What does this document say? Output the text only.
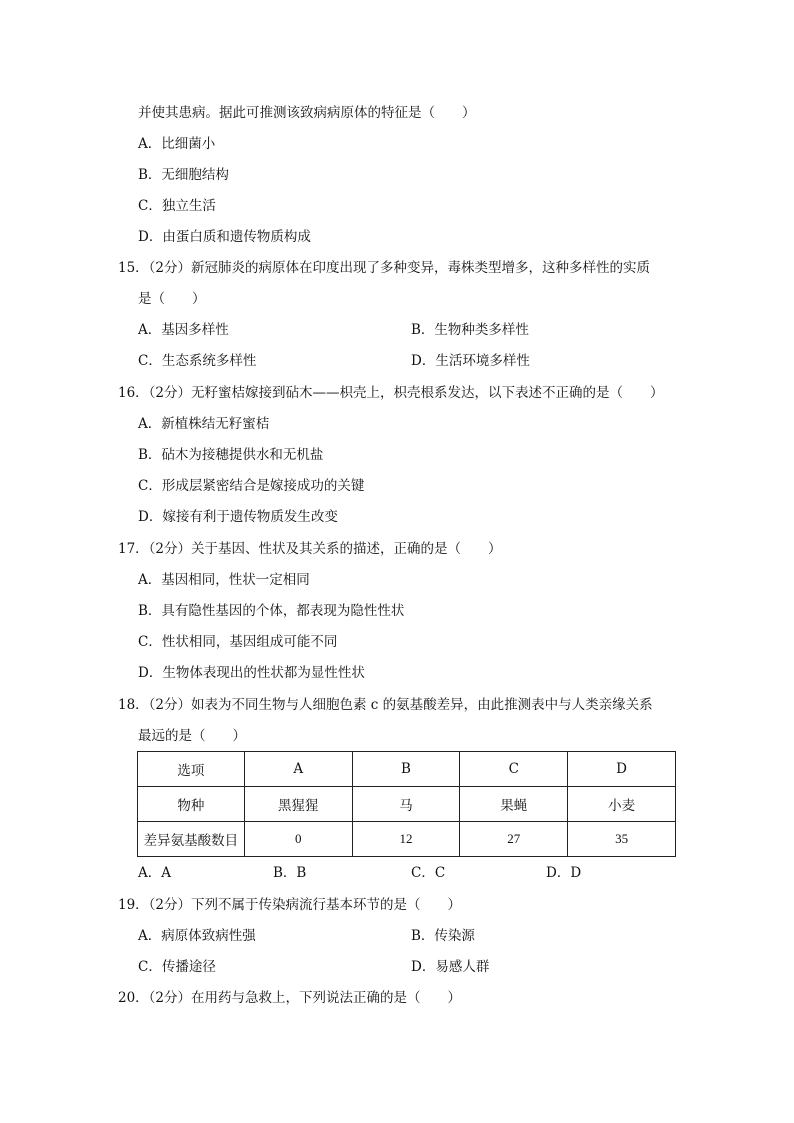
并使其患病。据此可推测该致病病原体的特征是（　　）
A．比细菌小
B．无细胞结构
C．独立生活
D．由蛋白质和遗传物质构成
15．（2分）新冠肺炎的病原体在印度出现了多种变异，毒株类型增多，这种多样性的实质
是（　　）
A．基因多样性	B．生物种类多样性
C．生态系统多样性	D．生活环境多样性
16．（2分）无籽蜜桔嫁接到砧木——枳壳上，枳壳根系发达，以下表述不正确的是（　　）
A．新植株结无籽蜜桔
B．砧木为接穗提供水和无机盐
C．形成层紧密结合是嫁接成功的关键
D．嫁接有利于遗传物质发生改变
17．（2分）关于基因、性状及其关系的描述，正确的是（　　）
A．基因相同，性状一定相同
B．具有隐性基因的个体，都表现为隐性性状
C．性状相同，基因组成可能不同
D．生物体表现出的性状都为显性性状
18．（2分）如表为不同生物与人细胞色素 c 的氨基酸差异，由此推测表中与人类亲缘关系
最远的是（　　）
选项	A	B	C	D
物种	黑猩猩	马	果蝇	小麦
差异氨基酸数目	0	12	27	35
A．A	B．B	C．C	D．D
19．（2分）下列不属于传染病流行基本环节的是（　　）
A．病原体致病性强	B．传染源
C．传播途径	D．易感人群
20．（2分）在用药与急救上，下列说法正确的是（　　）
